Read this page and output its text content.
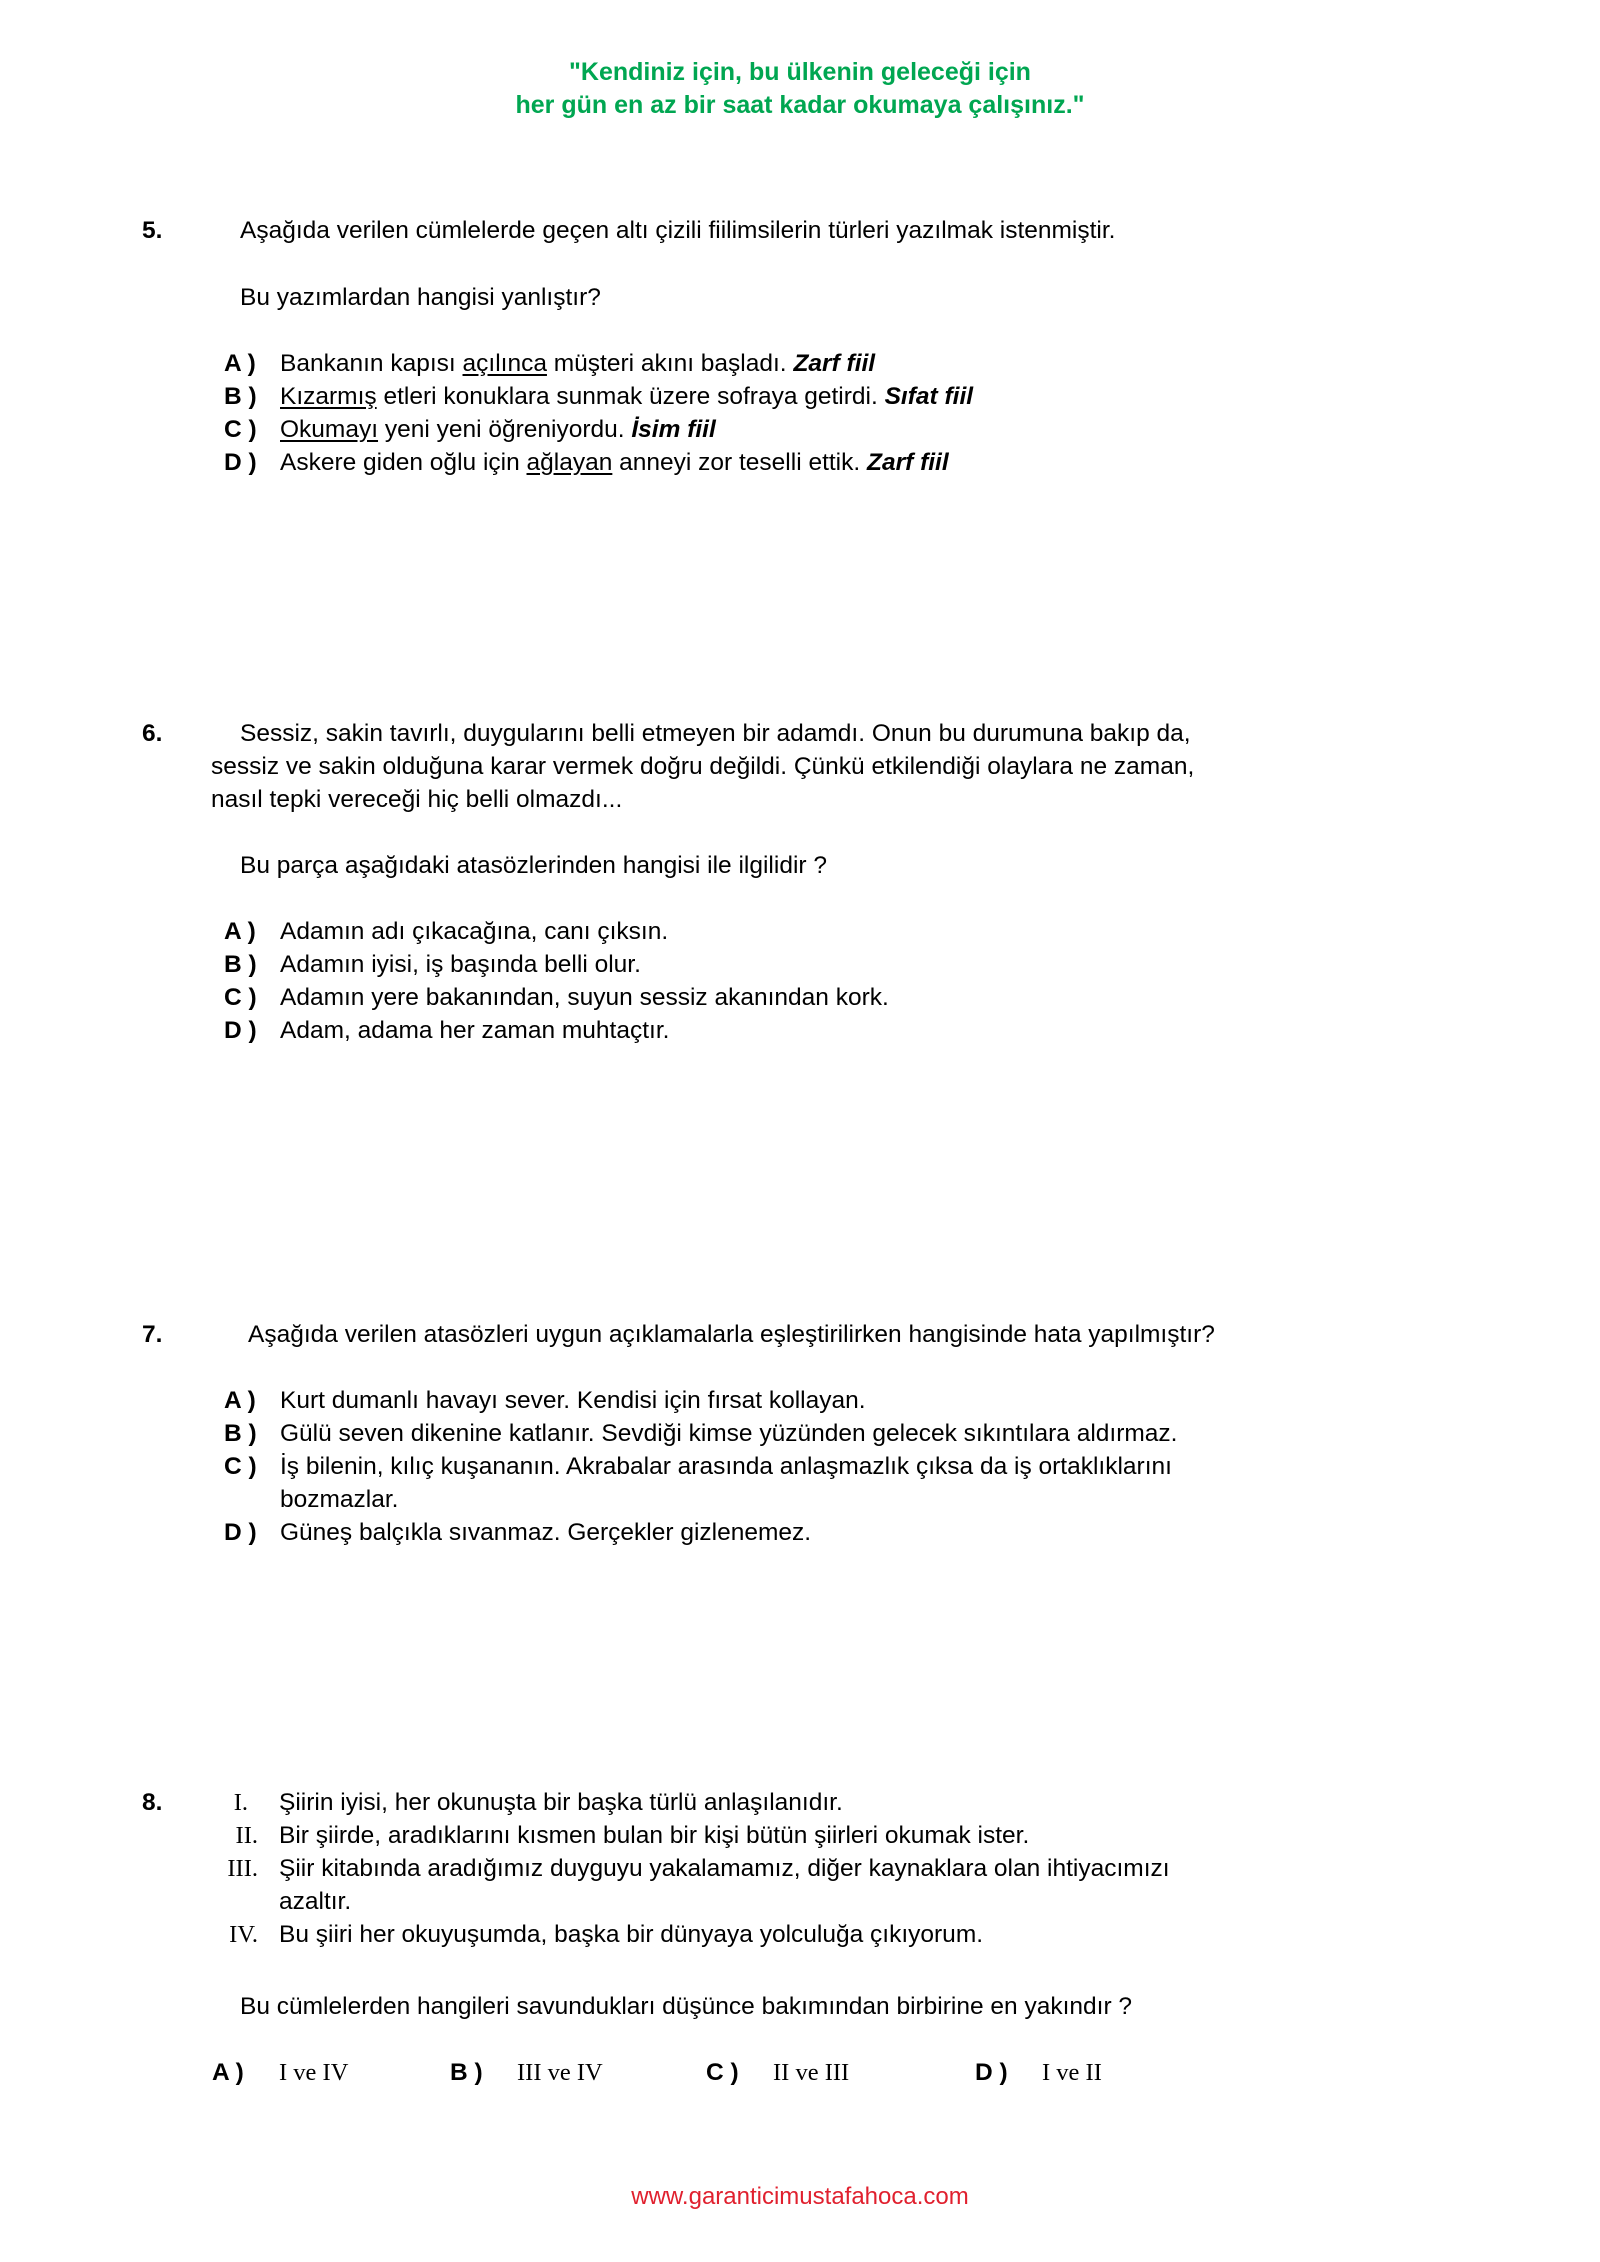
"Kendiniz için, bu ülkenin geleceği için
her gün en az bir saat kadar okumaya çalışınız."
5.	Aşağıda verilen cümlelerde geçen altı çizili fiilimsilerin türleri yazılmak istenmiştir.
Bu yazımlardan hangisi yanlıştır?
A ) Bankanın kapısı açılınca müşteri akını başladı. Zarf fiil
B ) Kızarmış etleri konuklara sunmak üzere sofraya getirdi. Sıfat fiil
C ) Okumayı yeni yeni öğreniyordu. İsim fiil
D ) Askere giden oğlu için ağlayan anneyi zor teselli ettik. Zarf fiil
6.	Sessiz, sakin tavırlı, duygularını belli etmeyen bir adamdı. Onun bu durumuna bakıp da,
sessiz ve sakin olduğuna karar vermek doğru değildi. Çünkü etkilendiği olaylara ne zaman,
nasıl tepki vereceği hiç belli olmazdı...
Bu parça aşağıdaki atasözlerinden hangisi ile ilgilidir ?
A ) Adamın adı çıkacağına, canı çıksın.
B ) Adamın iyisi, iş başında belli olur.
C ) Adamın yere bakanından, suyun sessiz akanından kork.
D ) Adam, adama her zaman muhtaçtır.
7.	Aşağıda verilen atasözleri uygun açıklamalarla eşleştirilirken hangisinde hata yapılmıştır?
A ) Kurt dumanlı havayı sever. Kendisi için fırsat kollayan.
B ) Gülü seven dikenine katlanır. Sevdiği kimse yüzünden gelecek sıkıntılara aldırmaz.
C ) İş bilenin, kılıç kuşananın. Akrabalar arasında anlaşmazlık çıksa da iş ortaklıklarını
bozmazlar.
D ) Güneş balçıkla sıvanmaz. Gerçekler gizlenemez.
8.	I. Şiirin iyisi, her okunuşta bir başka türlü anlaşılanıdır.
II. Bir şiirde, aradıklarını kısmen bulan bir kişi bütün şiirleri okumak ister.
III. Şiir kitabında aradığımız duyguyu yakalamamız, diğer kaynaklara olan ihtiyacımızı
azaltır.
IV. Bu şiiri her okuyuşumda, başka bir dünyaya yolculuğa çıkıyorum.
Bu cümlelerden hangileri savundukları düşünce bakımından birbirine en yakındır ?
A ) I ve IV	B ) III ve IV	C ) II ve III	D ) I ve II
www.garanticimustafahoca.com
